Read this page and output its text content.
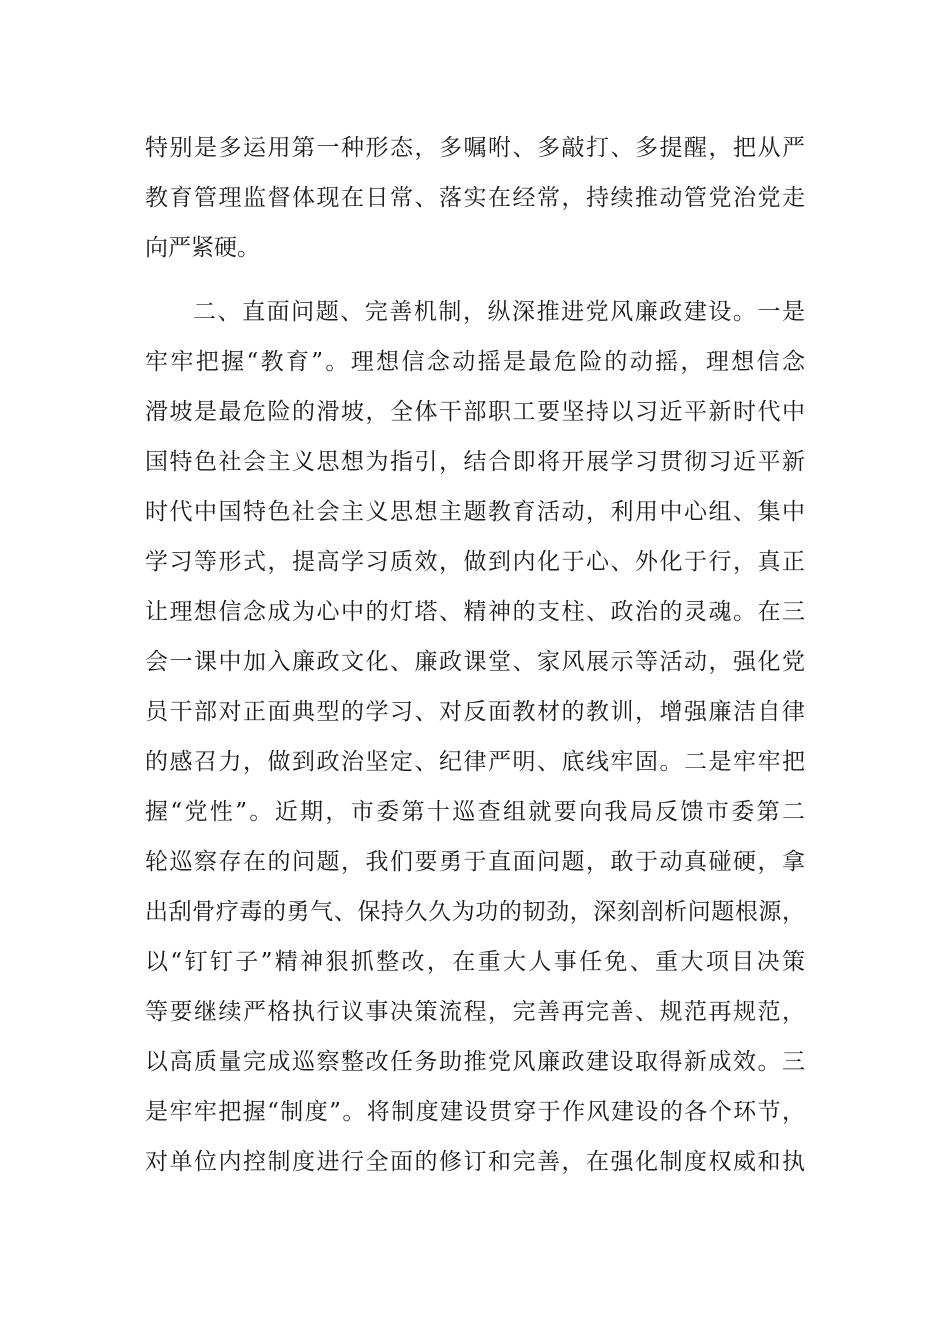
特别是多运用第一种形态，多嘱咐、多敲打、多提醒，把从严
教育管理监督体现在日常、落实在经常，持续推动管党治党走
向严紧硬。
二、直面问题、完善机制，纵深推进党风廉政建设。一是
牢牢把握“教育”。理想信念动摇是最危险的动摇，理想信念
滑坡是最危险的滑坡，全体干部职工要坚持以习近平新时代中
国特色社会主义思想为指引，结合即将开展学习贯彻习近平新
时代中国特色社会主义思想主题教育活动，利用中心组、集中
学习等形式，提高学习质效，做到内化于心、外化于行，真正
让理想信念成为心中的灯塔、精神的支柱、政治的灵魂。在三
会一课中加入廉政文化、廉政课堂、家风展示等活动，强化党
员干部对正面典型的学习、对反面教材的教训，增强廉洁自律
的感召力，做到政治坚定、纪律严明、底线牢固。二是牢牢把
握“党性”。近期，市委第十巡查组就要向我局反馈市委第二
轮巡察存在的问题，我们要勇于直面问题，敢于动真碰硬，拿
出刮骨疗毒的勇气、保持久久为功的韧劲，深刻剖析问题根源，
以“钉钉子”精神狠抓整改，在重大人事任免、重大项目决策
等要继续严格执行议事决策流程，完善再完善、规范再规范，
以高质量完成巡察整改任务助推党风廉政建设取得新成效。三
是牢牢把握“制度”。将制度建设贯穿于作风建设的各个环节，
对单位内控制度进行全面的修订和完善，在强化制度权威和执
